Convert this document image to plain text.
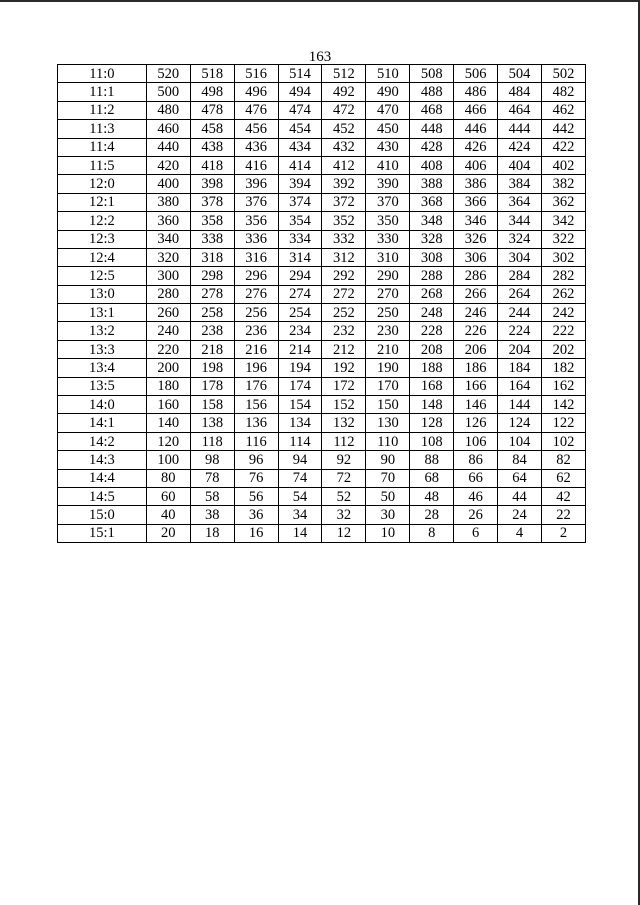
163
11:0	520	518	516	514	512	510	508	506	504	502
11:1	500	498	496	494	492	490	488	486	484	482
11:2	480	478	476	474	472	470	468	466	464	462
11:3	460	458	456	454	452	450	448	446	444	442
11:4	440	438	436	434	432	430	428	426	424	422
11:5	420	418	416	414	412	410	408	406	404	402
12:0	400	398	396	394	392	390	388	386	384	382
12:1	380	378	376	374	372	370	368	366	364	362
12:2	360	358	356	354	352	350	348	346	344	342
12:3	340	338	336	334	332	330	328	326	324	322
12:4	320	318	316	314	312	310	308	306	304	302
12:5	300	298	296	294	292	290	288	286	284	282
13:0	280	278	276	274	272	270	268	266	264	262
13:1	260	258	256	254	252	250	248	246	244	242
13:2	240	238	236	234	232	230	228	226	224	222
13:3	220	218	216	214	212	210	208	206	204	202
13:4	200	198	196	194	192	190	188	186	184	182
13:5	180	178	176	174	172	170	168	166	164	162
14:0	160	158	156	154	152	150	148	146	144	142
14:1	140	138	136	134	132	130	128	126	124	122
14:2	120	118	116	114	112	110	108	106	104	102
14:3	100	98	96	94	92	90	88	86	84	82
14:4	80	78	76	74	72	70	68	66	64	62
14:5	60	58	56	54	52	50	48	46	44	42
15:0	40	38	36	34	32	30	28	26	24	22
15:1	20	18	16	14	12	10	8	6	4	2
